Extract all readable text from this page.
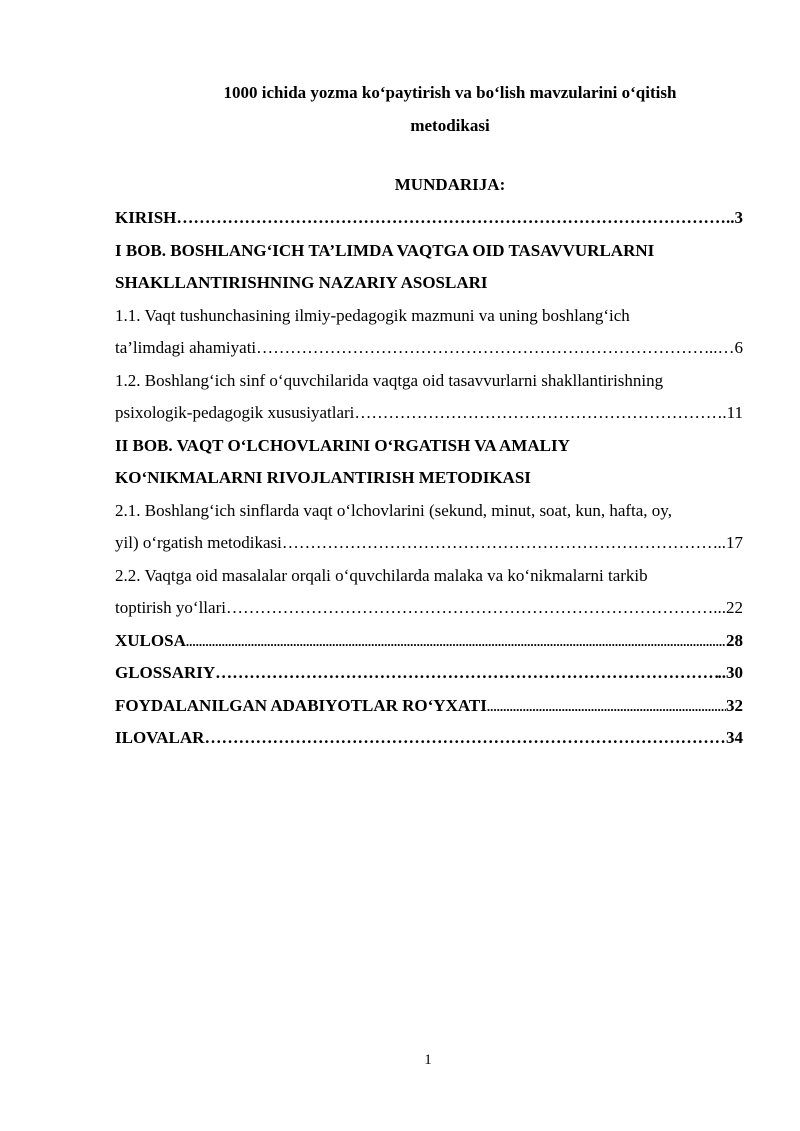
1000 ichida yozma koʻpaytirish va boʻlish mavzularini oʻqitish
metodikasi
MUNDARIJA:
KIRISH …………………………………………………………………………………………………………………………………………………………	..3
I BOB. BOSHLANGʻICH TA’LIMDA VAQTGA OID TASAVVURLARNI
SHAKLLANTIRISHNING NAZARIY ASOSLARI
1.1. Vaqt tushunchasining ilmiy-pedagogik mazmuni va uning boshlangʻich
ta’limdagi ahamiyati …………………………………………………………………………………………………………………………………………………………	..…6
1.2. Boshlangʻich sinf oʻquvchilarida vaqtga oid tasavvurlarni shakllantirishning
psixologik-pedagogik xususiyatlari …………………………………………………………………………………………………………………………………………………………	.11
II BOB. VAQT OʻLCHOVLARINI OʻRGATISH VA AMALIY
KOʻNIKMALARNI RIVOJLANTIRISH METODIKASI
2.1. Boshlangʻich sinflarda vaqt oʻlchovlarini (sekund, minut, soat, kun, hafta, oy,
yil) oʻrgatish metodikasi …………………………………………………………………………………………………………………………………………………………	..17
2.2. Vaqtga oid masalalar orqali oʻquvchilarda malaka va koʻnikmalarni tarkib
toptirish yoʻllari …………………………………………………………………………………………………………………………………………………………	...22
XULOSA .....	28
GLOSSARIY …………………………………………………………………………………………………………………………………………………………	..30
FOYDALANILGAN ADABIYOTLAR ROʻYXATI .....	32
ILOVALAR …………………………………………………………………………………………………………………………………………………………	34
1
